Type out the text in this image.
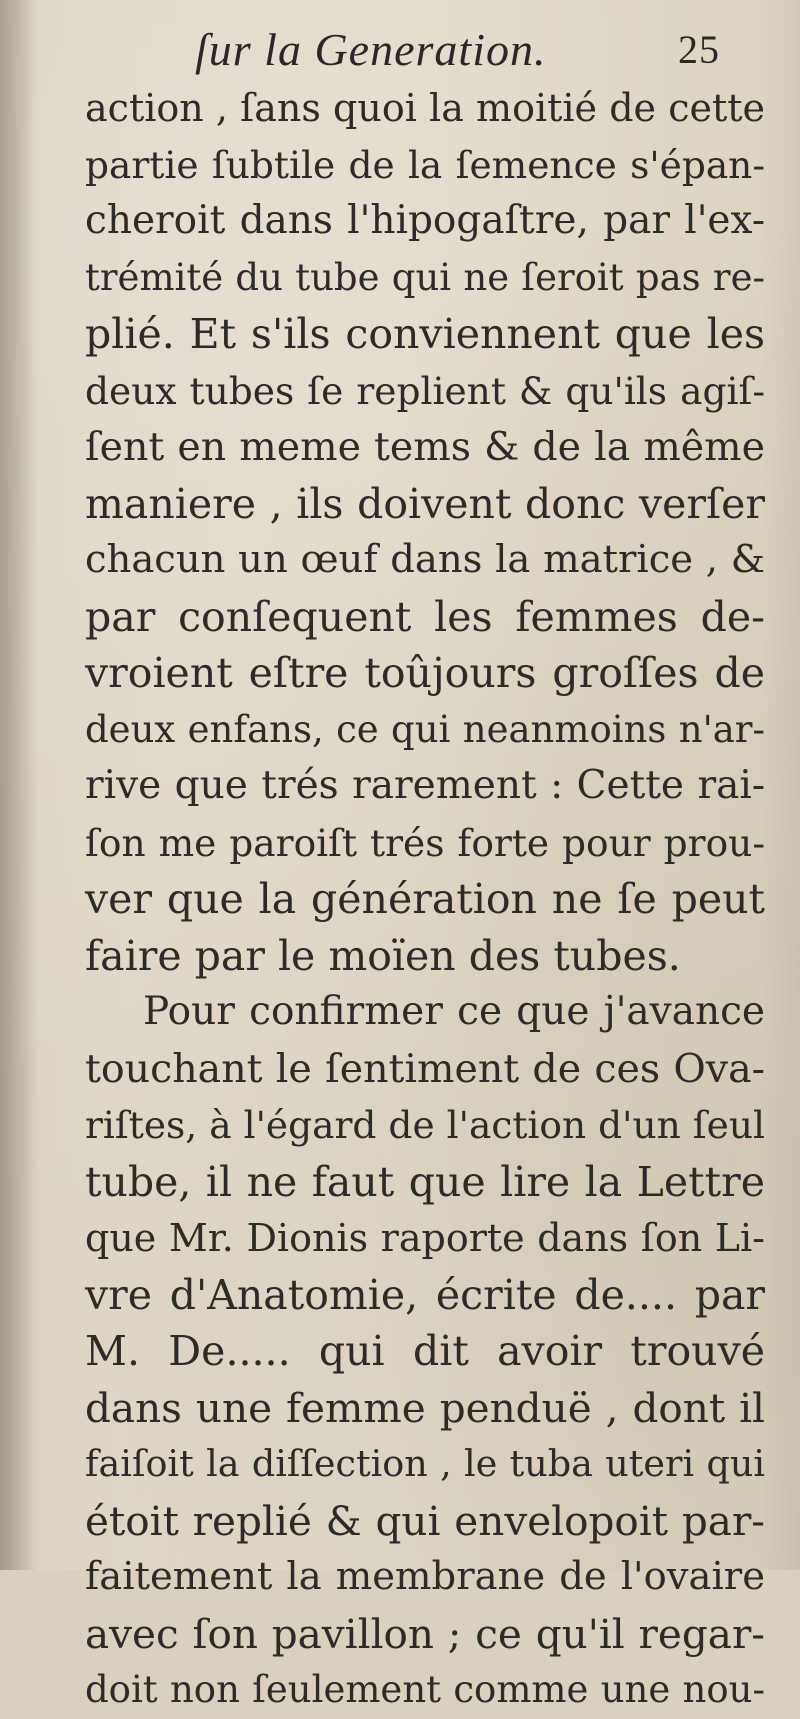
ſur la Generation.	25
action , ſans quoi la moitié de cette
partie ſubtile de la ſemence s'épan-
cheroit dans l'hipogaſtre, par l'ex-
trémité du tube qui ne ſeroit pas re-
plié. Et s'ils conviennent que les
deux tubes ſe replient & qu'ils agiſ-
ſent en meme tems & de la même
maniere , ils doivent donc verſer
chacun un œuf dans la matrice , &
par conſequent les femmes de-
vroient eſtre toûjours groſſes de
deux enfans, ce qui neanmoins n'ar-
rive que trés rarement : Cette rai-
ſon me paroiſt trés forte pour prou-
ver que la génération ne ſe peut
faire par le moïen des tubes.
Pour confirmer ce que j'avance
touchant le ſentiment de ces Ova-
riſtes, à l'égard de l'action d'un ſeul
tube, il ne faut que lire la Lettre
que Mr. Dionis raporte dans ſon Li-
vre d'Anatomie, écrite de.... par
M. De..... qui dit avoir trouvé
dans une femme penduë , dont il
faiſoit la diſſection , le tuba uteri qui
étoit replié & qui envelopoit par-
faitement la membrane de l'ovaire
avec ſon pavillon ; ce qu'il regar-
doit non ſeulement comme une nou-
